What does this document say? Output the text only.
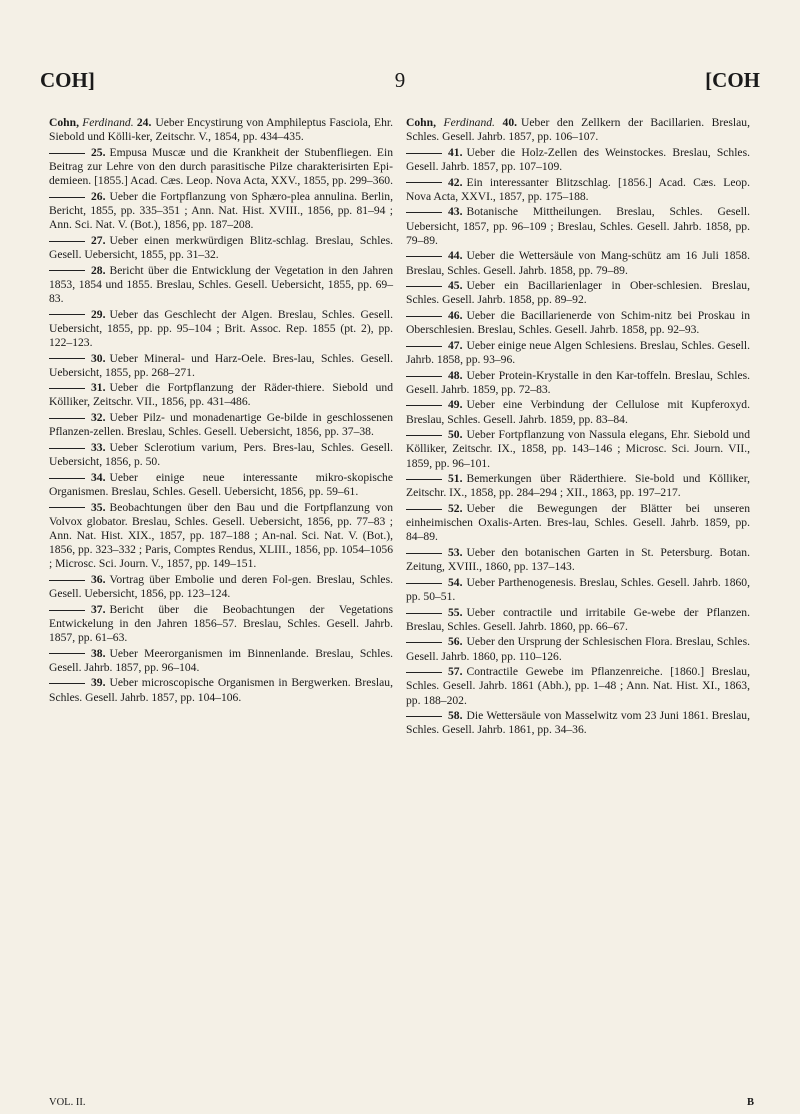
COH]	9	[COH

Cohn, Ferdinand. 24. Ueber Encystirung von Amphileptus Fasciola, Ehr. Siebold und Kölli-ker, Zeitschr. V., 1854, pp. 434–435.

25. Empusa Muscæ und die Krankheit der Stubenfliegen. Ein Beitrag zur Lehre von den durch parasitische Pilze charakterisirten Epi-demieen. [1855.] Acad. Cæs. Leop. Nova Acta, XXV., 1855, pp. 299–360.

26. Ueber die Fortpflanzung von Sphæro-plea annulina. Berlin, Bericht, 1855, pp. 335–351 ; Ann. Nat. Hist. XVIII., 1856, pp. 81–94 ; Ann. Sci. Nat. V. (Bot.), 1856, pp. 187–208.

27. Ueber einen merkwürdigen Blitz-schlag. Breslau, Schles. Gesell. Uebersicht, 1855, pp. 31–32.

28. Bericht über die Entwicklung der Vegetation in den Jahren 1853, 1854 und 1855. Breslau, Schles. Gesell. Uebersicht, 1855, pp. 69–83.

29. Ueber das Geschlecht der Algen. Breslau, Schles. Gesell. Uebersicht, 1855, pp. pp. 95–104 ; Brit. Assoc. Rep. 1855 (pt. 2), pp. 122–123.

30. Ueber Mineral- und Harz-Oele. Bres-lau, Schles. Gesell. Uebersicht, 1855, pp. 268–271.

31. Ueber die Fortpflanzung der Räder-thiere. Siebold und Kölliker, Zeitschr. VII., 1856, pp. 431–486.

32. Ueber Pilz- und monadenartige Ge-bilde in geschlossenen Pflanzen-zellen. Breslau, Schles. Gesell. Uebersicht, 1856, pp. 37–38.

33. Ueber Sclerotium varium, Pers. Bres-lau, Schles. Gesell. Uebersicht, 1856, p. 50.

34. Ueber einige neue interessante mikro-skopische Organismen. Breslau, Schles. Gesell. Uebersicht, 1856, pp. 59–61.

35. Beobachtungen über den Bau und die Fortpflanzung von Volvox globator. Breslau, Schles. Gesell. Uebersicht, 1856, pp. 77–83 ; Ann. Nat. Hist. XIX., 1857, pp. 187–188 ; An-nal. Sci. Nat. V. (Bot.), 1856, pp. 323–332 ; Paris, Comptes Rendus, XLIII., 1856, pp. 1054–1056 ; Microsc. Sci. Journ. V., 1857, pp. 149–151.

36. Vortrag über Embolie und deren Fol-gen. Breslau, Schles. Gesell. Uebersicht, 1856, pp. 123–124.

37. Bericht über die Beobachtungen der Vegetations Entwickelung in den Jahren 1856–57. Breslau, Schles. Gesell. Jahrb. 1857, pp. 61–63.

38. Ueber Meerorganismen im Binnenlande. Breslau, Schles. Gesell. Jahrb. 1857, pp. 96–104.

39. Ueber microscopische Organismen in Bergwerken. Breslau, Schles. Gesell. Jahrb. 1857, pp. 104–106.

Cohn, Ferdinand. 40. Ueber den Zellkern der Bacillarien. Breslau, Schles. Gesell. Jahrb. 1857, pp. 106–107.

41. Ueber die Holz-Zellen des Weinstockes. Breslau, Schles. Gesell. Jahrb. 1857, pp. 107–109.

42. Ein interessanter Blitzschlag. [1856.] Acad. Cæs. Leop. Nova Acta, XXVI., 1857, pp. 175–188.

43. Botanische Mittheilungen. Breslau, Schles. Gesell. Uebersicht, 1857, pp. 96–109 ; Breslau, Schles. Gesell. Jahrb. 1858, pp. 79–89.

44. Ueber die Wettersäule von Mang-schütz am 16 Juli 1858. Breslau, Schles. Gesell. Jahrb. 1858, pp. 79–89.

45. Ueber ein Bacillarienlager in Ober-schlesien. Breslau, Schles. Gesell. Jahrb. 1858, pp. 89–92.

46. Ueber die Bacillarienerde von Schim-nitz bei Proskau in Oberschlesien. Breslau, Schles. Gesell. Jahrb. 1858, pp. 92–93.

47. Ueber einige neue Algen Schlesiens. Breslau, Schles. Gesell. Jahrb. 1858, pp. 93–96.

48. Ueber Protein-Krystalle in den Kar-toffeln. Breslau, Schles. Gesell. Jahrb. 1859, pp. 72–83.

49. Ueber eine Verbindung der Cellulose mit Kupferoxyd. Breslau, Schles. Gesell. Jahrb. 1859, pp. 83–84.

50. Ueber Fortpflanzung von Nassula elegans, Ehr. Siebold und Kölliker, Zeitschr. IX., 1858, pp. 143–146 ; Microsc. Sci. Journ. VII., 1859, pp. 96–101.

51. Bemerkungen über Räderthiere. Sie-bold und Kölliker, Zeitschr. IX., 1858, pp. 284–294 ; XII., 1863, pp. 197–217.

52. Ueber die Bewegungen der Blätter bei unseren einheimischen Oxalis-Arten. Bres-lau, Schles. Gesell. Jahrb. 1859, pp. 84–89.

53. Ueber den botanischen Garten in St. Petersburg. Botan. Zeitung, XVIII., 1860, pp. 137–143.

54. Ueber Parthenogenesis. Breslau, Schles. Gesell. Jahrb. 1860, pp. 50–51.

55. Ueber contractile und irritabile Ge-webe der Pflanzen. Breslau, Schles. Gesell. Jahrb. 1860, pp. 66–67.

56. Ueber den Ursprung der Schlesischen Flora. Breslau, Schles. Gesell. Jahrb. 1860, pp. 110–126.

57. Contractile Gewebe im Pflanzenreiche. [1860.] Breslau, Schles. Gesell. Jahrb. 1861 (Abh.), pp. 1–48 ; Ann. Nat. Hist. XI., 1863, pp. 188–202.

58. Die Wettersäule von Masselwitz vom 23 Juni 1861. Breslau, Schles. Gesell. Jahrb. 1861, pp. 34–36.

VOL. II.	B
